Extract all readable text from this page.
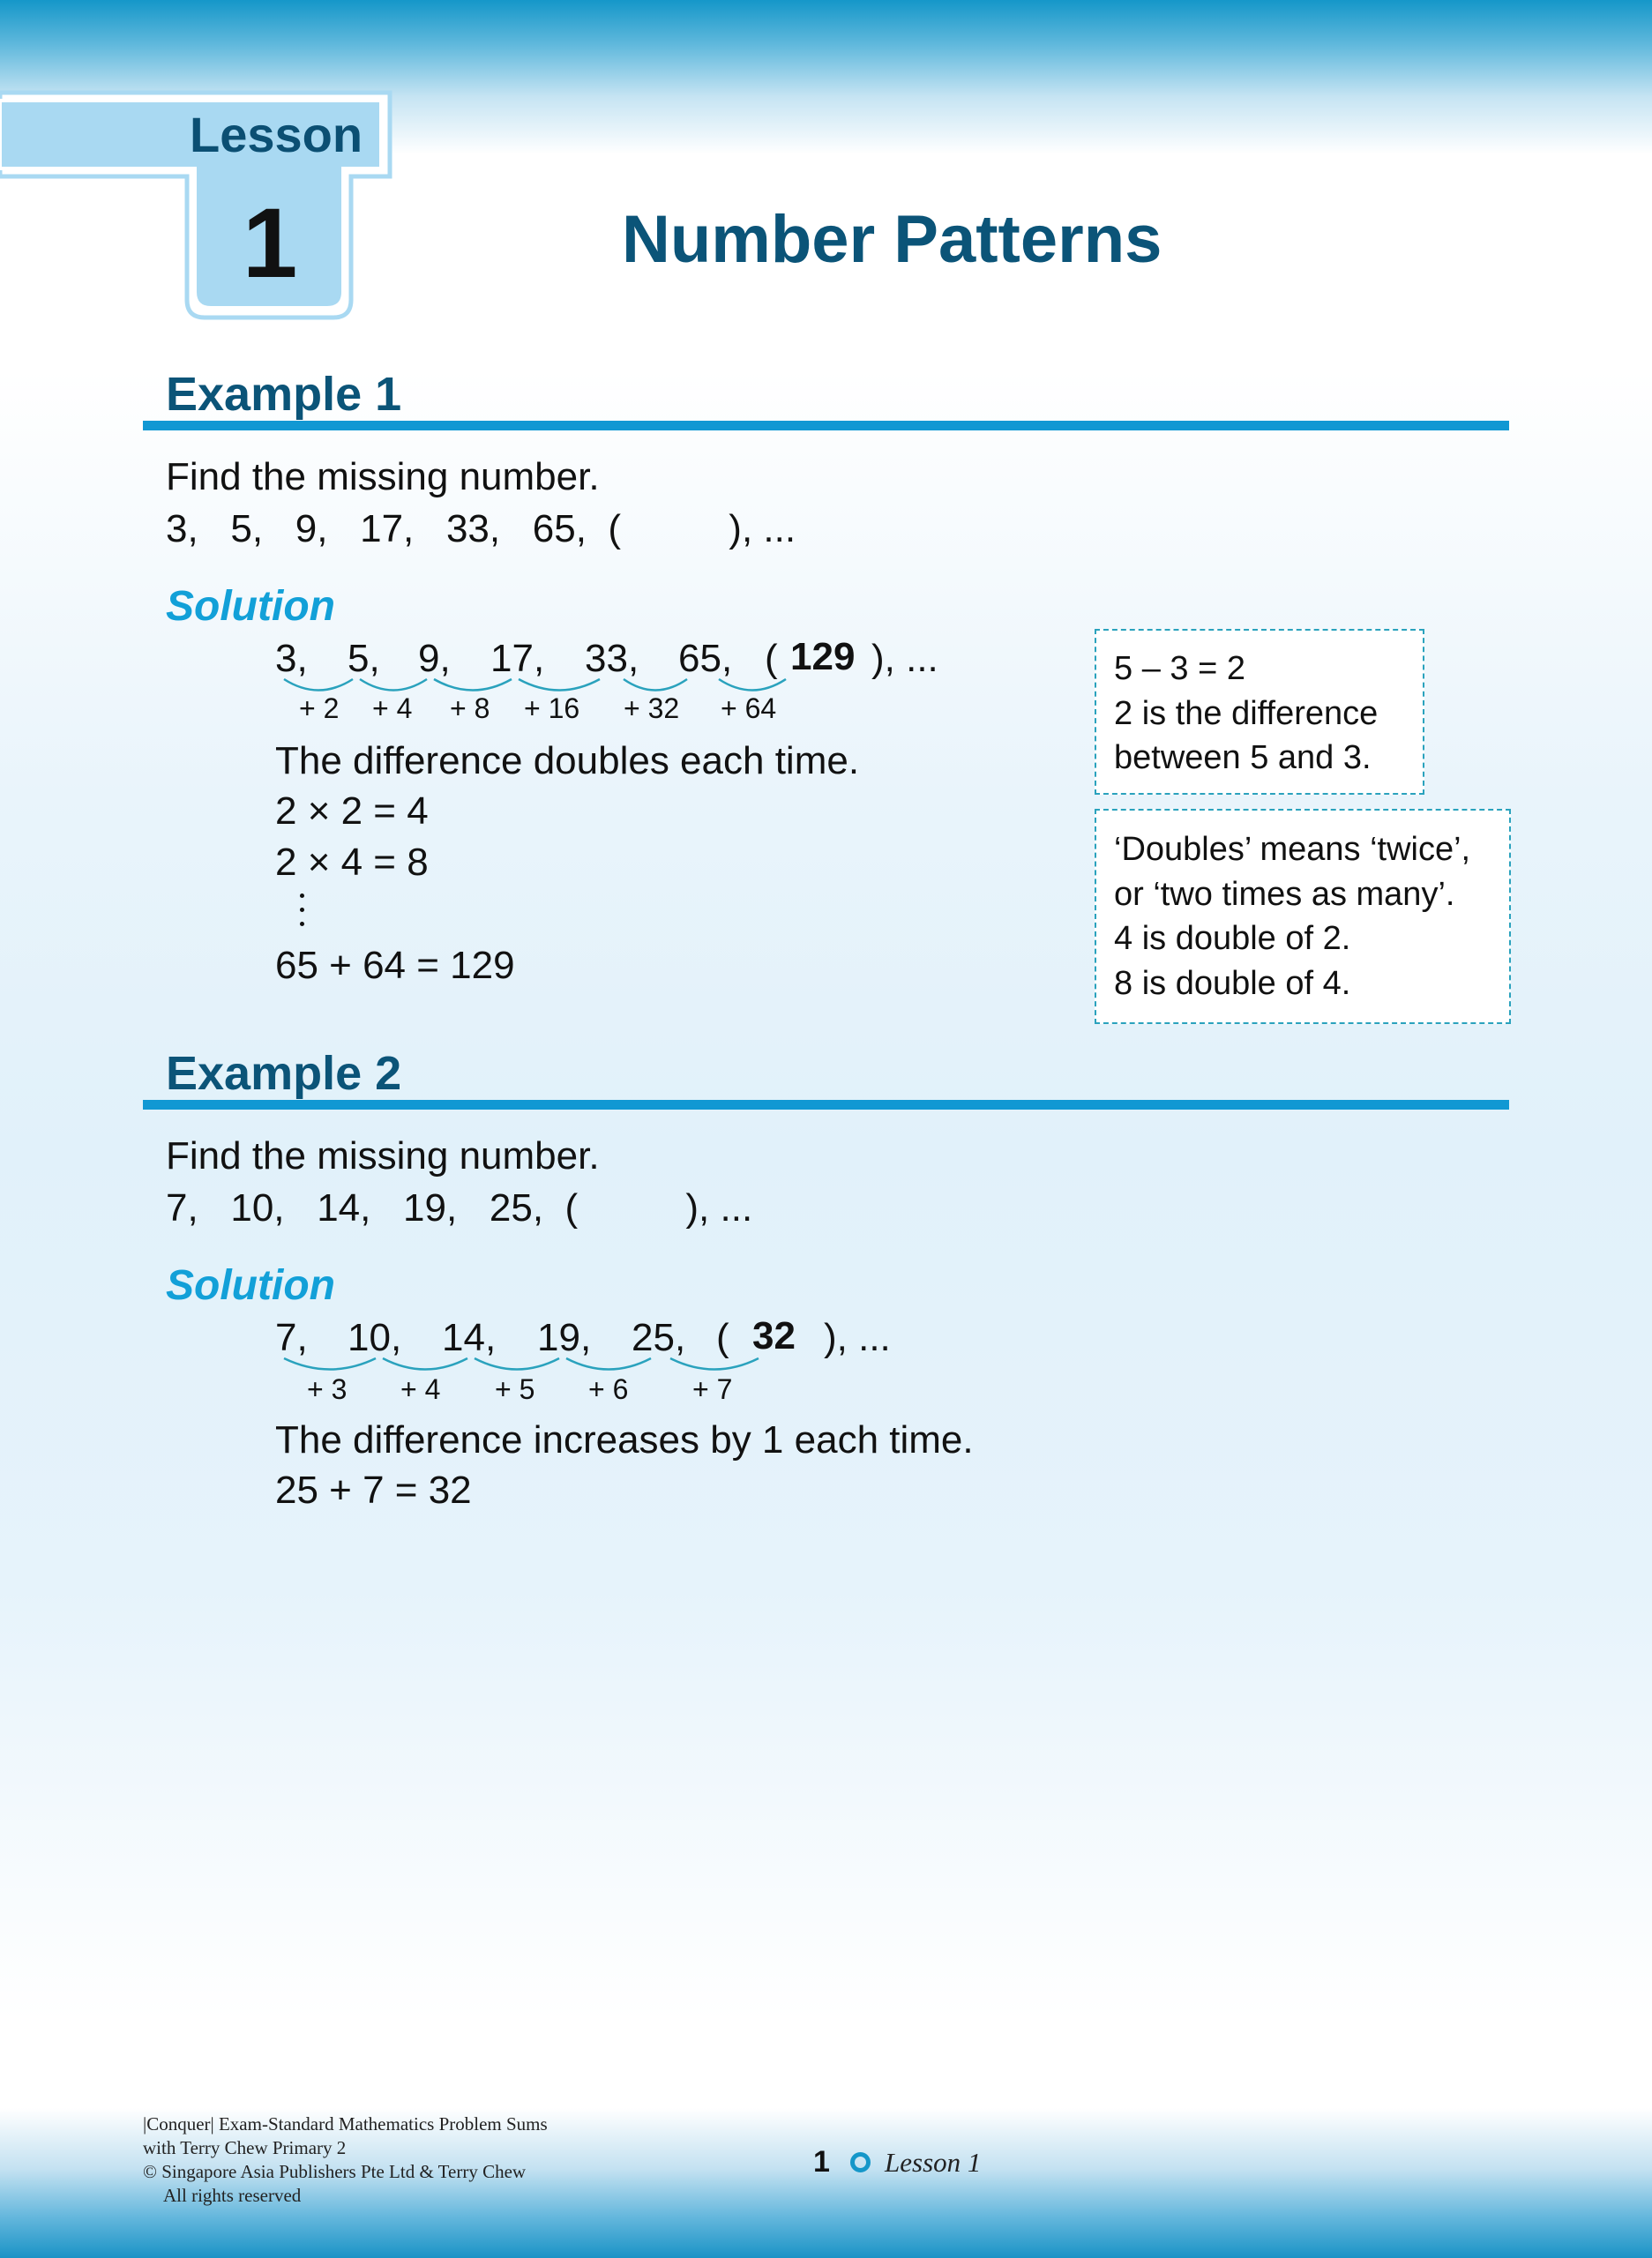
Lesson
1	Number Patterns
Example 1
Find the missing number.
3,   5,   9,   17,   33,   65,  (          ), ...
Solution
3, 5, 9, 17, 33, 65, ( 129 ), ...
+ 2 + 4 + 8 + 16 + 32 + 64
The difference doubles each time.
2 × 2 = 4
2 × 4 = 8
65 + 64 = 129
5 – 3 = 2
2 is the difference
between 5 and 3.
‘Doubles’ means ‘twice’,
or ‘two times as many’.
4 is double of 2.
8 is double of 4.
Example 2
Find the missing number.
7,   10,   14,   19,   25,  (          ), ...
Solution
7, 10, 14, 19, 25, ( 32 ), ...
+ 3 + 4 + 5 + 6 + 7
The difference increases by 1 each time.
25 + 7 = 32
|Conquer| Exam-Standard Mathematics Problem Sums
with Terry Chew Primary 2
© Singapore Asia Publishers Pte Ltd & Terry Chew
All rights reserved
1 Lesson 1
